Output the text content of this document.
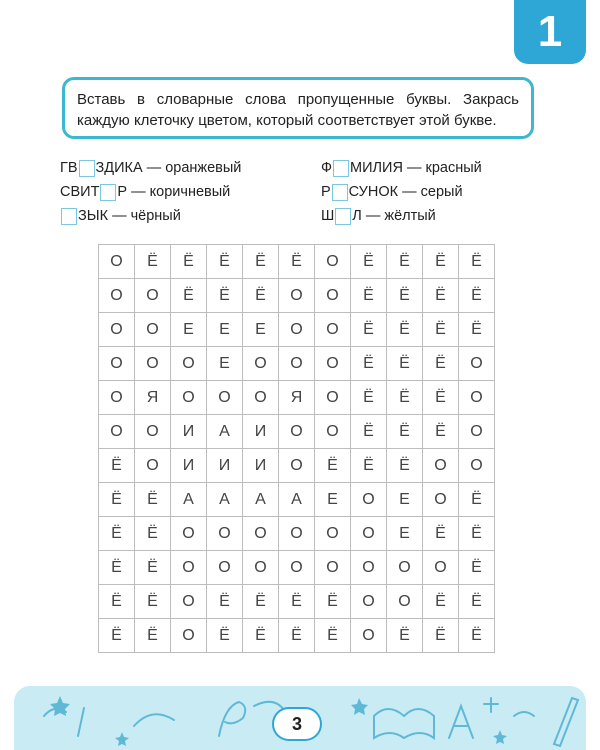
1
Вставь в словарные слова пропущенные буквы. Закрась каждую клеточку цветом, который соответствует этой букве.
ГВ ЗДИКА
—
оранжевый
СВИТ Р
—
коричневый
ЗЫК
—
чёрный
Ф МИЛИЯ
—
красный
Р СУНОК
—
серый
Ш Л
—
жёлтый
О	Ё	Ё	Ё	Ё	Ё	О	Ё	Ё	Ё	Ё
О	О	Ё	Ё	Ё	О	О	Ё	Ё	Ё	Ё
О	О	Е	Е	Е	О	О	Ё	Ё	Ё	Ё
О	О	О	Е	О	О	О	Ё	Ё	Ё	О
О	Я	О	О	О	Я	О	Ё	Ё	Ё	О
О	О	И	А	И	О	О	Ё	Ё	Ё	О
Ё	О	И	И	И	О	Ё	Ё	Ё	О	О
Ё	Ё	А	А	А	А	Е	О	Е	О	Ё
Ё	Ё	О	О	О	О	О	О	Е	Ё	Ё
Ё	Ё	О	О	О	О	О	О	О	О	Ё
Ё	Ё	О	Ё	Ё	Ё	Ё	О	О	Ё	Ё
Ё	Ё	О	Ё	Ё	Ё	Ё	О	Ё	Ё	Ё
3
